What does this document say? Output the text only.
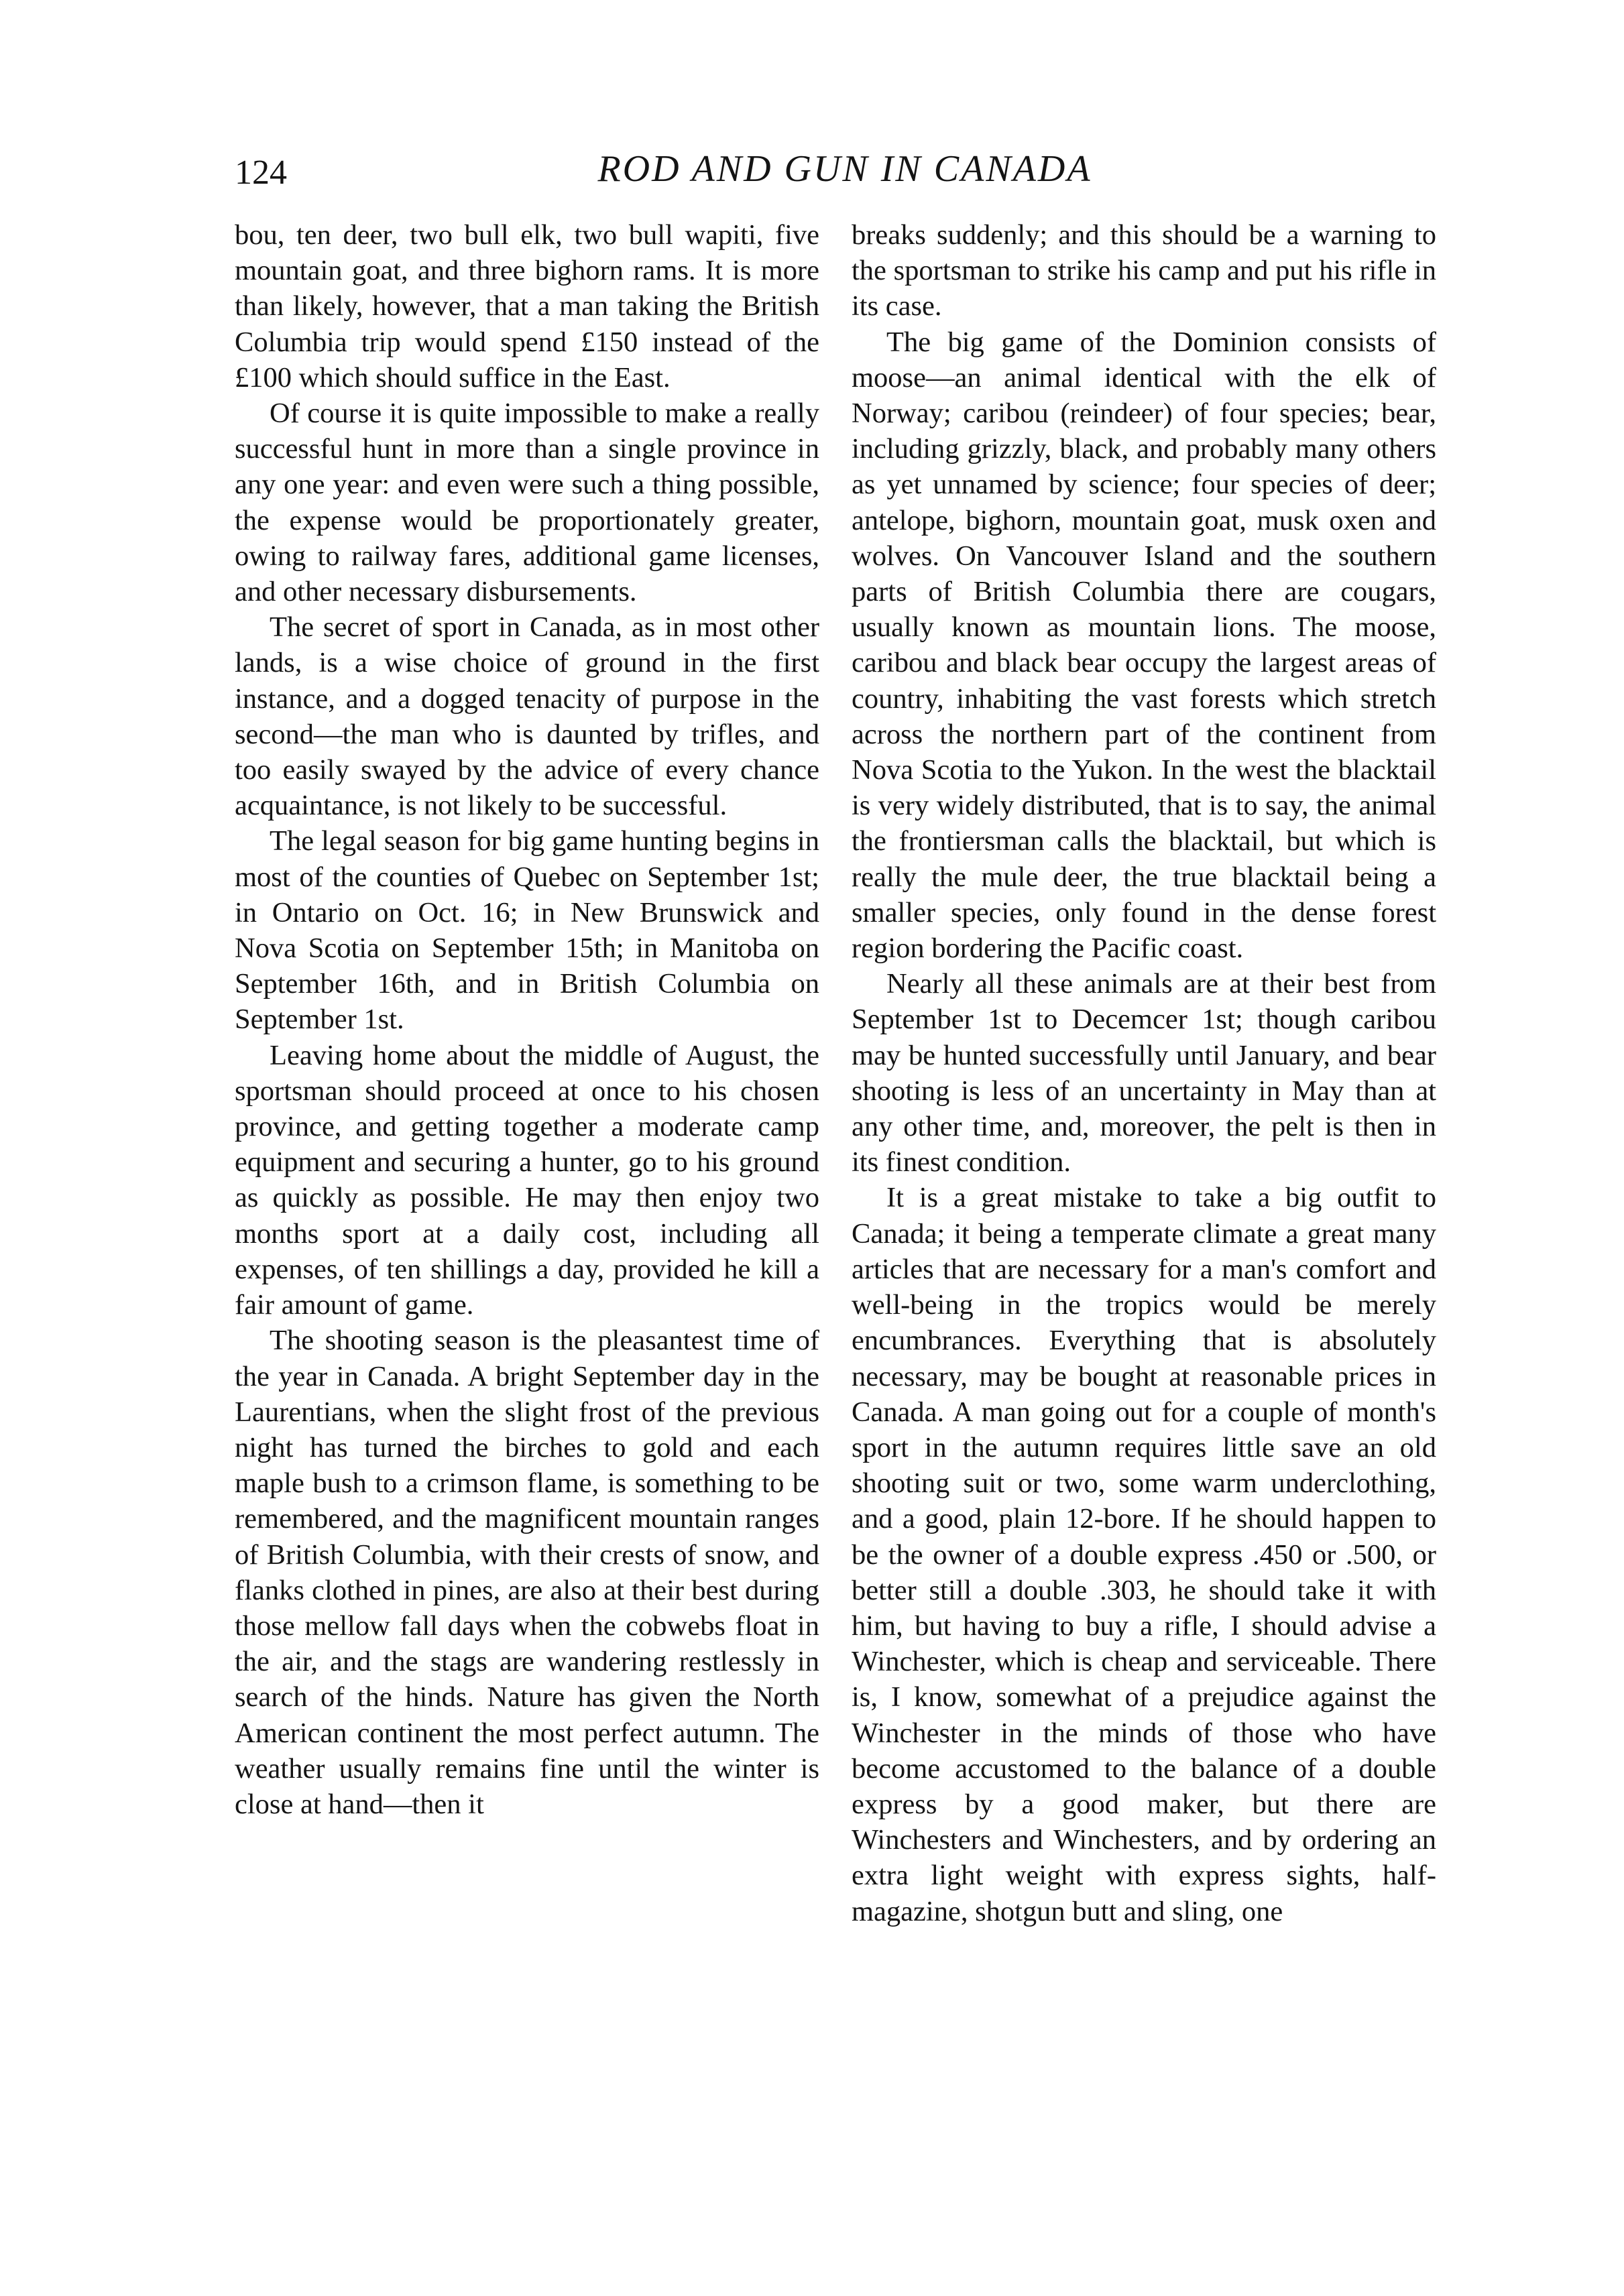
124	ROD AND GUN IN CANADA

bou, ten deer, two bull elk, two bull wapiti, five mountain goat, and three bighorn rams. It is more than likely, however, that a man taking the British Columbia trip would spend £150 instead of the £100 which should suffice in the East.

Of course it is quite impossible to make a really successful hunt in more than a single province in any one year: and even were such a thing possible, the expense would be proportionately greater, owing to railway fares, additional game licenses, and other necessary disbursements.

The secret of sport in Canada, as in most other lands, is a wise choice of ground in the first instance, and a dogged tenacity of purpose in the second—the man who is daunted by trifles, and too easily swayed by the advice of every chance acquaintance, is not likely to be successful.

The legal season for big game hunting begins in most of the counties of Quebec on September 1st; in Ontario on Oct. 16; in New Brunswick and Nova Scotia on September 15th; in Manitoba on September 16th, and in British Columbia on September 1st.

Leaving home about the middle of August, the sportsman should proceed at once to his chosen province, and getting together a moderate camp equipment and securing a hunter, go to his ground as quickly as possible. He may then enjoy two months sport at a daily cost, including all expenses, of ten shillings a day, provided he kill a fair amount of game.

The shooting season is the pleasantest time of the year in Canada. A bright September day in the Laurentians, when the slight frost of the previous night has turned the birches to gold and each maple bush to a crimson flame, is something to be remembered, and the magnificent mountain ranges of British Columbia, with their crests of snow, and flanks clothed in pines, are also at their best during those mellow fall days when the cobwebs float in the air, and the stags are wandering restlessly in search of the hinds. Nature has given the North American continent the most perfect autumn. The weather usually remains fine until the winter is close at hand—then it

breaks suddenly; and this should be a warning to the sportsman to strike his camp and put his rifle in its case.

The big game of the Dominion consists of moose—an animal identical with the elk of Norway; caribou (reindeer) of four species; bear, including grizzly, black, and probably many others as yet unnamed by science; four species of deer; antelope, bighorn, mountain goat, musk oxen and wolves. On Vancouver Island and the southern parts of British Columbia there are cougars, usually known as mountain lions. The moose, caribou and black bear occupy the largest areas of country, inhabiting the vast forests which stretch across the northern part of the continent from Nova Scotia to the Yukon. In the west the blacktail is very widely distributed, that is to say, the animal the frontiersman calls the blacktail, but which is really the mule deer, the true blacktail being a smaller species, only found in the dense forest region bordering the Pacific coast.

Nearly all these animals are at their best from September 1st to Decemcer 1st; though caribou may be hunted successfully until January, and bear shooting is less of an uncertainty in May than at any other time, and, moreover, the pelt is then in its finest condition.

It is a great mistake to take a big outfit to Canada; it being a temperate climate a great many articles that are necessary for a man's comfort and well-being in the tropics would be merely encumbrances. Everything that is absolutely necessary, may be bought at reasonable prices in Canada. A man going out for a couple of month's sport in the autumn requires little save an old shooting suit or two, some warm underclothing, and a good, plain 12-bore. If he should happen to be the owner of a double express .450 or .500, or better still a double .303, he should take it with him, but having to buy a rifle, I should advise a Winchester, which is cheap and serviceable. There is, I know, somewhat of a prejudice against the Winchester in the minds of those who have become accustomed to the balance of a double express by a good maker, but there are Winchesters and Winchesters, and by ordering an extra light weight with express sights, half-magazine, shotgun butt and sling, one
